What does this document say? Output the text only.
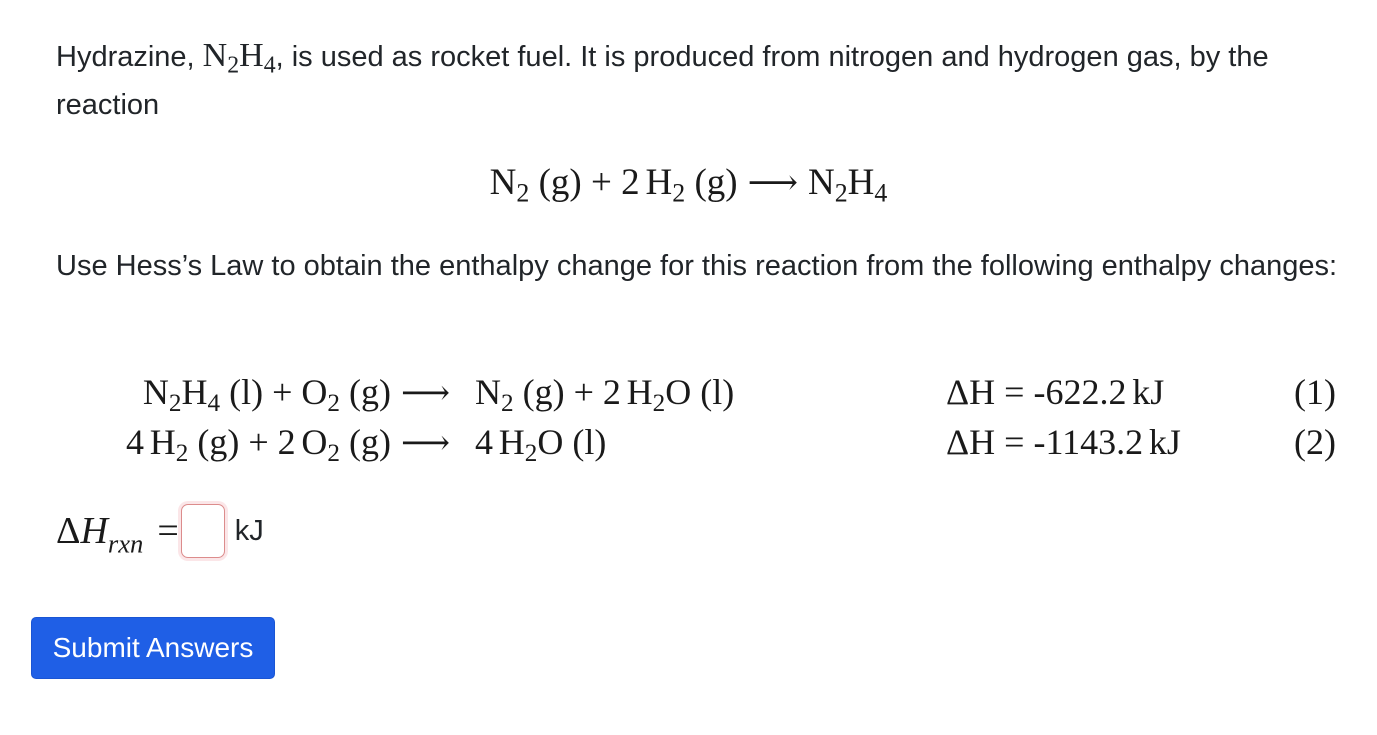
Hydrazine, $N_2H_4$, is used as rocket fuel. It is produced from nitrogen and hydrogen gas, by the reaction

$N_2$ (g) + 2 $H_2$ (g) ⟶ $N_2H_4$

Use Hess’s Law to obtain the enthalpy change for this reaction from the following enthalpy changes:

$N_2H_4$ $(l) + O_2$ (g) ⟶ $N_2$ (g) + 2 $H_2O$ (l)	ΔH = -622.2 kJ	(1)
4 $H_2$ (g) + 2 $O_2$ (g) ⟶ 4 $H_2O$ (l)	ΔH = -1143.2 kJ	(2)
$\Delta H_{rxn}$ = kJ
Submit Answers
